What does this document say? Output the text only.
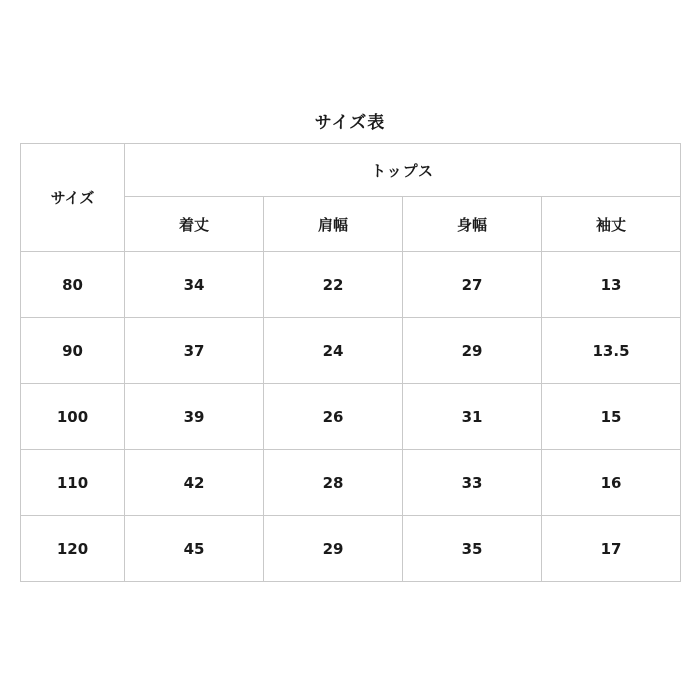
サイズ表
サイズ	トップス			
	着丈	肩幅	身幅	袖丈
80	34	22	27	13
90	37	24	29	13.5
100	39	26	31	15
110	42	28	33	16
120	45	29	35	17
